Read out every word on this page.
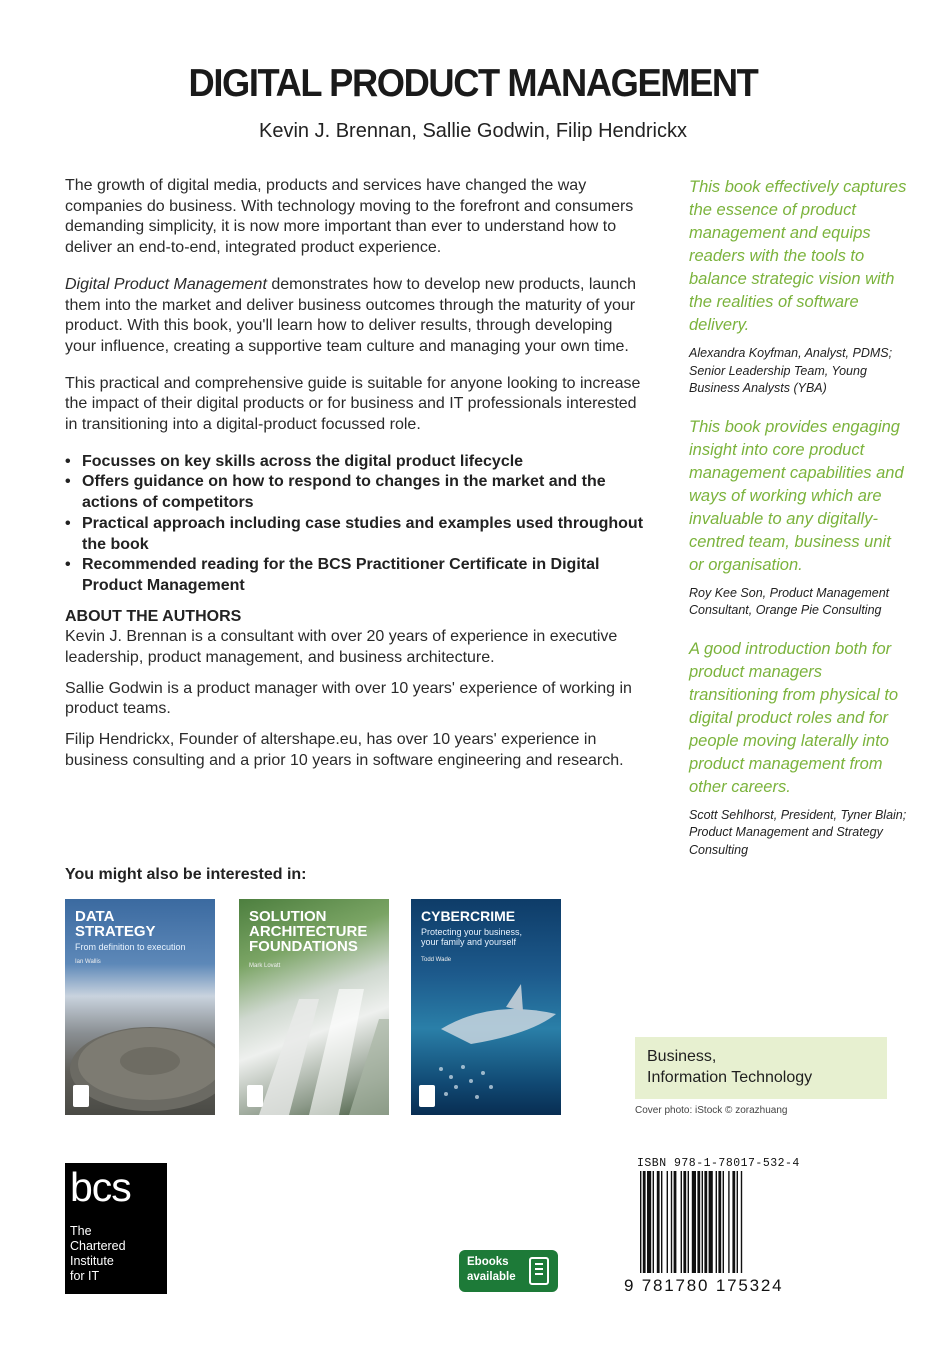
DIGITAL PRODUCT MANAGEMENT
Kevin J. Brennan, Sallie Godwin, Filip Hendrickx

The growth of digital media, products and services have changed the way companies do business. With technology moving to the forefront and consumers demanding simplicity, it is now more important than ever to understand how to deliver an end-to-end, integrated product experience.

Digital Product Management demonstrates how to develop new products, launch them into the market and deliver business outcomes through the maturity of your product. With this book, you'll learn how to deliver results, through developing your influence, creating a supportive team culture and managing your own time.

This practical and comprehensive guide is suitable for anyone looking to increase the impact of their digital products or for business and IT professionals interested in transitioning into a digital-product focussed role.

• Focusses on key skills across the digital product lifecycle
• Offers guidance on how to respond to changes in the market and the actions of competitors
• Practical approach including case studies and examples used throughout the book
• Recommended reading for the BCS Practitioner Certificate in Digital Product Management
ABOUT THE AUTHORS

Kevin J. Brennan is a consultant with over 20 years of experience in executive leadership, product management, and business architecture.

Sallie Godwin is a product manager with over 10 years' experience of working in product teams.

Filip Hendrickx, Founder of altershape.eu, has over 10 years' experience in business consulting and a prior 10 years in software engineering and research.

You might also be interested in:
DATA
STRATEGY
From definition to execution
Ian Wallis
SOLUTION
ARCHITECTURE
FOUNDATIONS
Mark Lovatt
CYBERCRIME
Protecting your business,
your family and yourself
Todd Wade
This book effectively captures the essence of product management and equips readers with the tools to balance strategic vision with the realities of software delivery.
Alexandra Koyfman, Analyst, PDMS; Senior Leadership Team, Young Business Analysts (YBA)
This book provides engaging insight into core product management capabilities and ways of working which are invaluable to any digitally-centred team, business unit or organisation.
Roy Kee Son, Product Management Consultant, Orange Pie Consulting
A good introduction both for product managers transitioning from physical to digital product roles and for people moving laterally into product management from other careers.
Scott Sehlhorst, President, Tyner Blain; Product Management and Strategy Consulting
Business,
Information Technology
Cover photo: iStock © zorazhuang
ISBN 978-1-78017-532-4
9 781780 175324
bcs
The
Chartered
Institute
for IT
Ebooks
available
